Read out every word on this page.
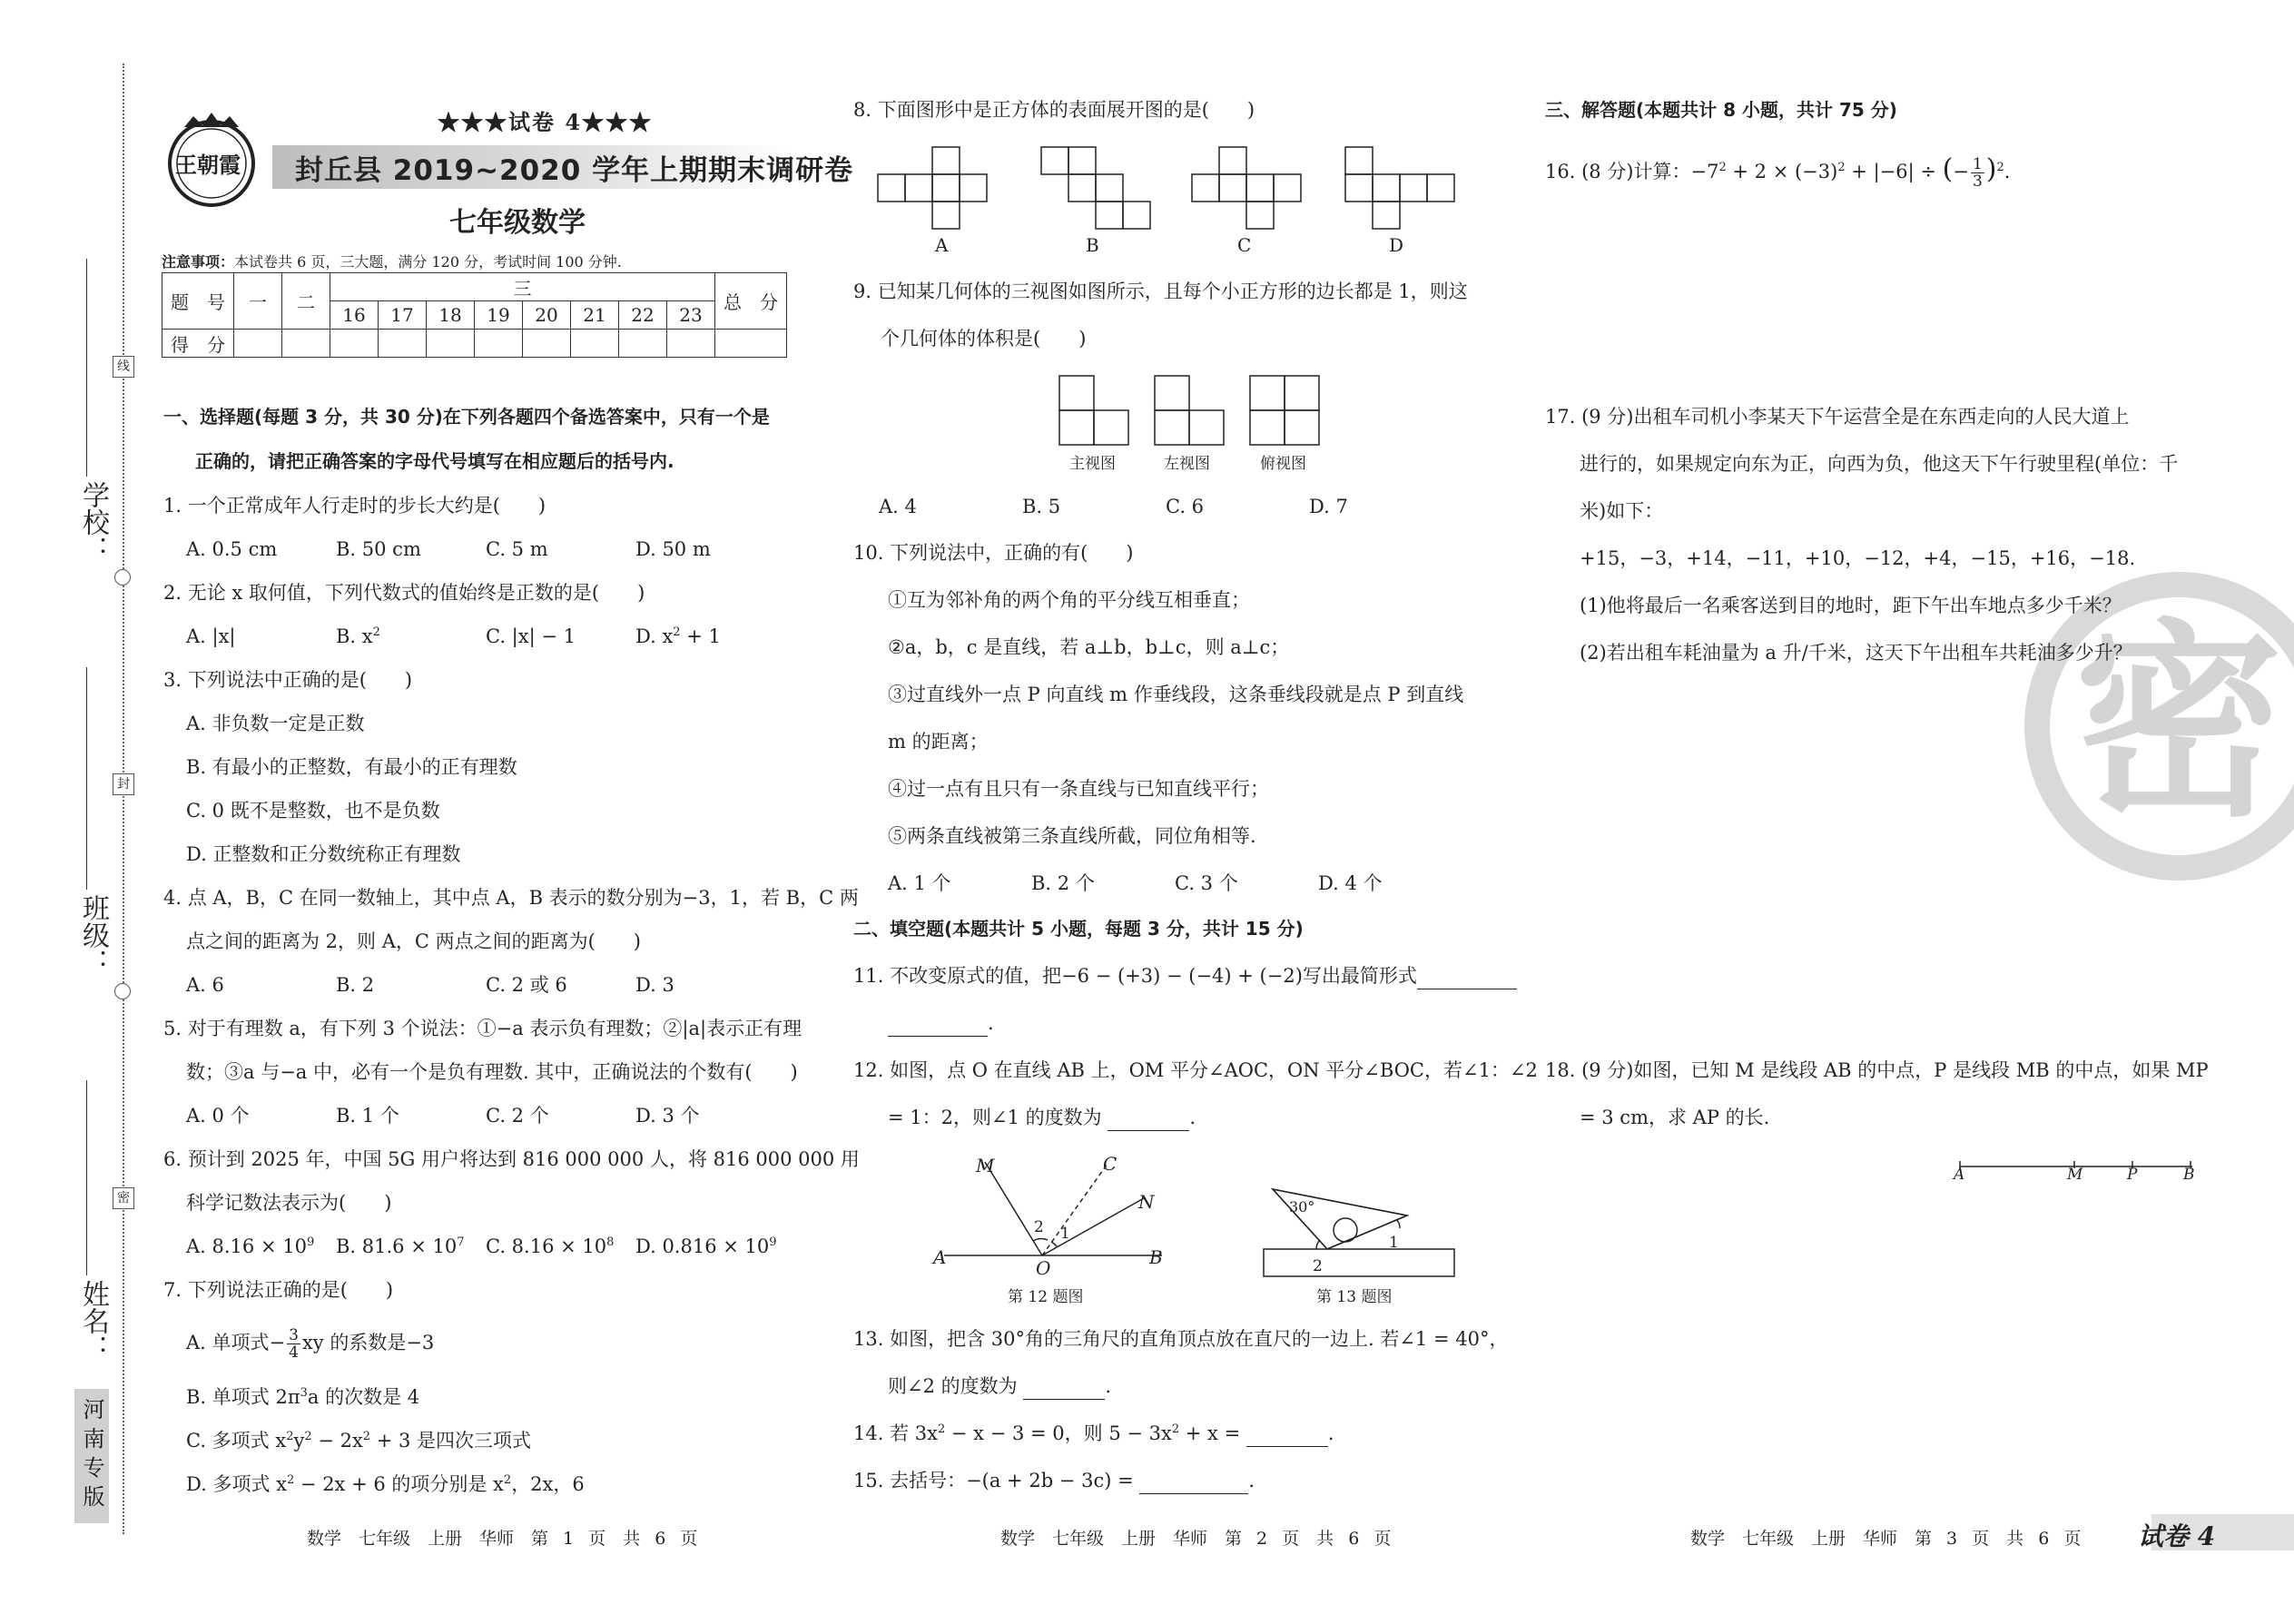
线
封
密
学校：
班级：
姓名：
河南专版
王朝霞
★★★试卷 4★★★
封丘县 2019~2020 学年上期期末调研卷
七年级数学
注意事项：本试卷共 6 页，三大题，满分 120 分，考试时间 100 分钟.
题　号	一	二	三								总　分
			16	17	18	19	20	21	22	23	
得　分											
一、选择题(每题 3 分，共 30 分)在下列各题四个备选答案中，只有一个是
正确的，请把正确答案的字母代号填写在相应题后的括号内.
1. 一个正常成年人行走时的步长大约是(　　)
A. 0.5 cm	B. 50 cm	C. 5 m	D. 50 m
2. 无论 x 取何值，下列代数式的值始终是正数的是(　　)
A. |x|	B. $x^2$	C. |x| − 1	D. $x^2 + 1$
3. 下列说法中正确的是(　　)
A. 非负数一定是正数
B. 有最小的正整数，有最小的正有理数
C. 0 既不是整数，也不是负数
D. 正整数和正分数统称正有理数
4. 点 A，B，C 在同一数轴上，其中点 A，B 表示的数分别为−3，1，若 B，C 两
点之间的距离为 2，则 A，C 两点之间的距离为(　　)
A. 6	B. 2	C. 2 或 6	D. 3
5. 对于有理数 a，有下列 3 个说法：①−a 表示负有理数；②|a|表示正有理
数；③a 与−a 中，必有一个是负有理数. 其中，正确说法的个数有(　　)
A. 0 个	B. 1 个	C. 2 个	D. 3 个
6. 预计到 2025 年，中国 5G 用户将达到 816 000 000 人，将 816 000 000 用
科学记数法表示为(　　)
A. $8.16 \times 10^9$ B. $81.6 \times 10^7$ C. $8.16 \times 10^8$ D. $0.816 \times 10^9$
7. 下列说法正确的是(　　)
A. 单项式− $\frac{3}{4}$ xy 的系数是−3
B. 单项式 $2\pi^3a$ 的次数是 4
C. 多项式 $x^2y^2 - 2x^2 + 3$ 是四次三项式
D. 多项式 $x^2 - 2x + 6$ 的项分别是 $x^2$，2x，6
数学　七年级　上册　华师　第 1 页　共 6 页
8. 下面图形中是正方体的表面展开图的是(　　)
A	B	C	D
9. 已知某几何体的三视图如图所示，且每个小正方形的边长都是 1，则这
个几何体的体积是(　　)
主视图	左视图	俯视图
A. 4	B. 5	C. 6	D. 7
10. 下列说法中，正确的有(　　)
①互为邻补角的两个角的平分线互相垂直；
②a，b，c 是直线，若 a⊥b，b⊥c，则 a⊥c；
③过直线外一点 P 向直线 m 作垂线段，这条垂线段就是点 P 到直线
m 的距离；
④过一点有且只有一条直线与已知直线平行；
⑤两条直线被第三条直线所截，同位角相等.
A. 1 个	B. 2 个	C. 3 个	D. 4 个
二、填空题(本题共计 5 小题，每题 3 分，共计 15 分)
11. 不改变原式的值，把−6 − (+3) − (−4) + (−2)写出最简形式
.
12. 如图，点 O 在直线 AB 上，OM 平分∠AOC，ON 平分∠BOC，若∠1：∠2
= 1：2，则∠1 的度数为	.
A	B
O
M	C
N
2 1
第 12 题图
30°
1
2
第 13 题图
13. 如图，把含 30°角的三角尺的直角顶点放在直尺的一边上. 若∠1 = 40°，
则∠2 的度数为	.
14. 若 $3x^2 - x - 3 = 0$，则 $5 - 3x^2 + x$ =	.
15. 去括号：−(a + 2b − 3c) =	.
数学　七年级　上册　华师　第 2 页　共 6 页
密
三、解答题(本题共计 8 小题，共计 75 分)
16. (8 分)计算：$-7^2 + 2 \times (-3)^2 + |-6|$ ÷ (− $\frac{1}{3} )^2$.
17. (9 分)出租车司机小李某天下午运营全是在东西走向的人民大道上
进行的，如果规定向东为正，向西为负，他这天下午行驶里程(单位：千
米)如下：
+15，−3，+14，−11，+10，−12，+4，−15，+16，−18.
(1)他将最后一名乘客送到目的地时，距下午出车地点多少千米？
(2)若出租车耗油量为 a 升/千米，这天下午出租车共耗油多少升？
18. (9 分)如图，已知 M 是线段 AB 的中点，P 是线段 MB 的中点，如果 MP
= 3 cm，求 AP 的长.
A	M	P	B
数学　七年级　上册　华师　第 3 页　共 6 页 试卷 4
